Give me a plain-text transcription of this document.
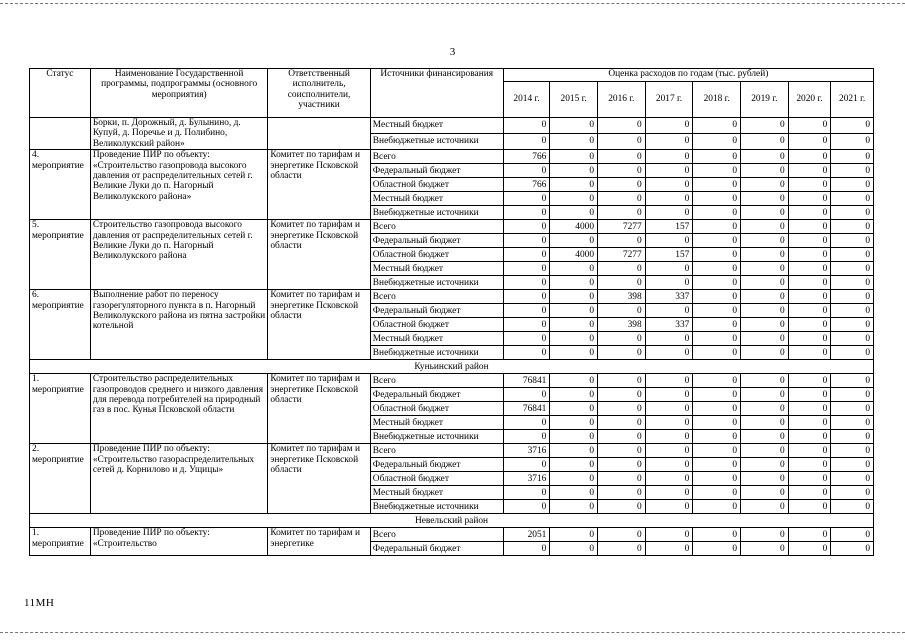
3
Статус	Наименование Государственной программы, подпрограммы (основного мероприятия)	Ответственный исполнитель, соисполнители, участники	Источники финансирования	Оценка расходов по годам (тыс. рублей)							
				2014 г.	2015 г.	2016 г.	2017 г.	2018 г.	2019 г.	2020 г.	2021 г.
	Борки, п. Дорожный, д. Булынино, д. Купуй, д. Поречье и д. Полибино, Великолукский район»		Местный бюджет	0	0	0	0	0	0	0	0
			Внебюджетные источники	0	0	0	0	0	0	0	0
4. мероприятие	Проведение ПИР по объекту: «Строительство газопровода высокого давления от распределительных сетей г. Великие Луки до п. Нагорный Великолукского района»	Комитет по тарифам и энергетике Псковской области	Всего	766	0	0	0	0	0	0	0
			Федеральный бюджет	0	0	0	0	0	0	0	0
			Областной бюджет	766	0	0	0	0	0	0	0
			Местный бюджет	0	0	0	0	0	0	0	0
			Внебюджетные источники	0	0	0	0	0	0	0	0
5. мероприятие	Строительство газопровода высокого давления от распределительных сетей г. Великие Луки до п. Нагорный Великолукского района	Комитет по тарифам и энергетике Псковской области	Всего	0	4000	7277	157	0	0	0	0
			Федеральный бюджет	0	0	0	0	0	0	0	0
			Областной бюджет	0	4000	7277	157	0	0	0	0
			Местный бюджет	0	0	0	0	0	0	0	0
			Внебюджетные источники	0	0	0	0	0	0	0	0
6. мероприятие	Выполнение работ по переносу газорегуляторного пункта в п. Нагорный Великолукского района из пятна застройки котельной	Комитет по тарифам и энергетике Псковской области	Всего	0	0	398	337	0	0	0	0
			Федеральный бюджет	0	0	0	0	0	0	0	0
			Областной бюджет	0	0	398	337	0	0	0	0
			Местный бюджет	0	0	0	0	0	0	0	0
			Внебюджетные источники	0	0	0	0	0	0	0	0
Куньинский район											
1. мероприятие	Строительство распределительных газопроводов среднего и низкого давления для перевода потребителей на природный газ в пос. Кунья Псковской области	Комитет по тарифам и энергетике Псковской области	Всего	76841	0	0	0	0	0	0	0
			Федеральный бюджет	0	0	0	0	0	0	0	0
			Областной бюджет	76841	0	0	0	0	0	0	0
			Местный бюджет	0	0	0	0	0	0	0	0
			Внебюджетные источники	0	0	0	0	0	0	0	0
2. мероприятие	Проведение ПИР по объекту: «Строительство газораспределительных сетей д. Корнилово и д. Ущицы»	Комитет по тарифам и энергетике Псковской области	Всего	3716	0	0	0	0	0	0	0
			Федеральный бюджет	0	0	0	0	0	0	0	0
			Областной бюджет	3716	0	0	0	0	0	0	0
			Местный бюджет	0	0	0	0	0	0	0	0
			Внебюджетные источники	0	0	0	0	0	0	0	0
Невельский район											
1. мероприятие	Проведение ПИР по объекту: «Строительство	Комитет по тарифам и энергетике	Всего	2051	0	0	0	0	0	0	0
			Федеральный бюджет	0	0	0	0	0	0	0	0
11МН
